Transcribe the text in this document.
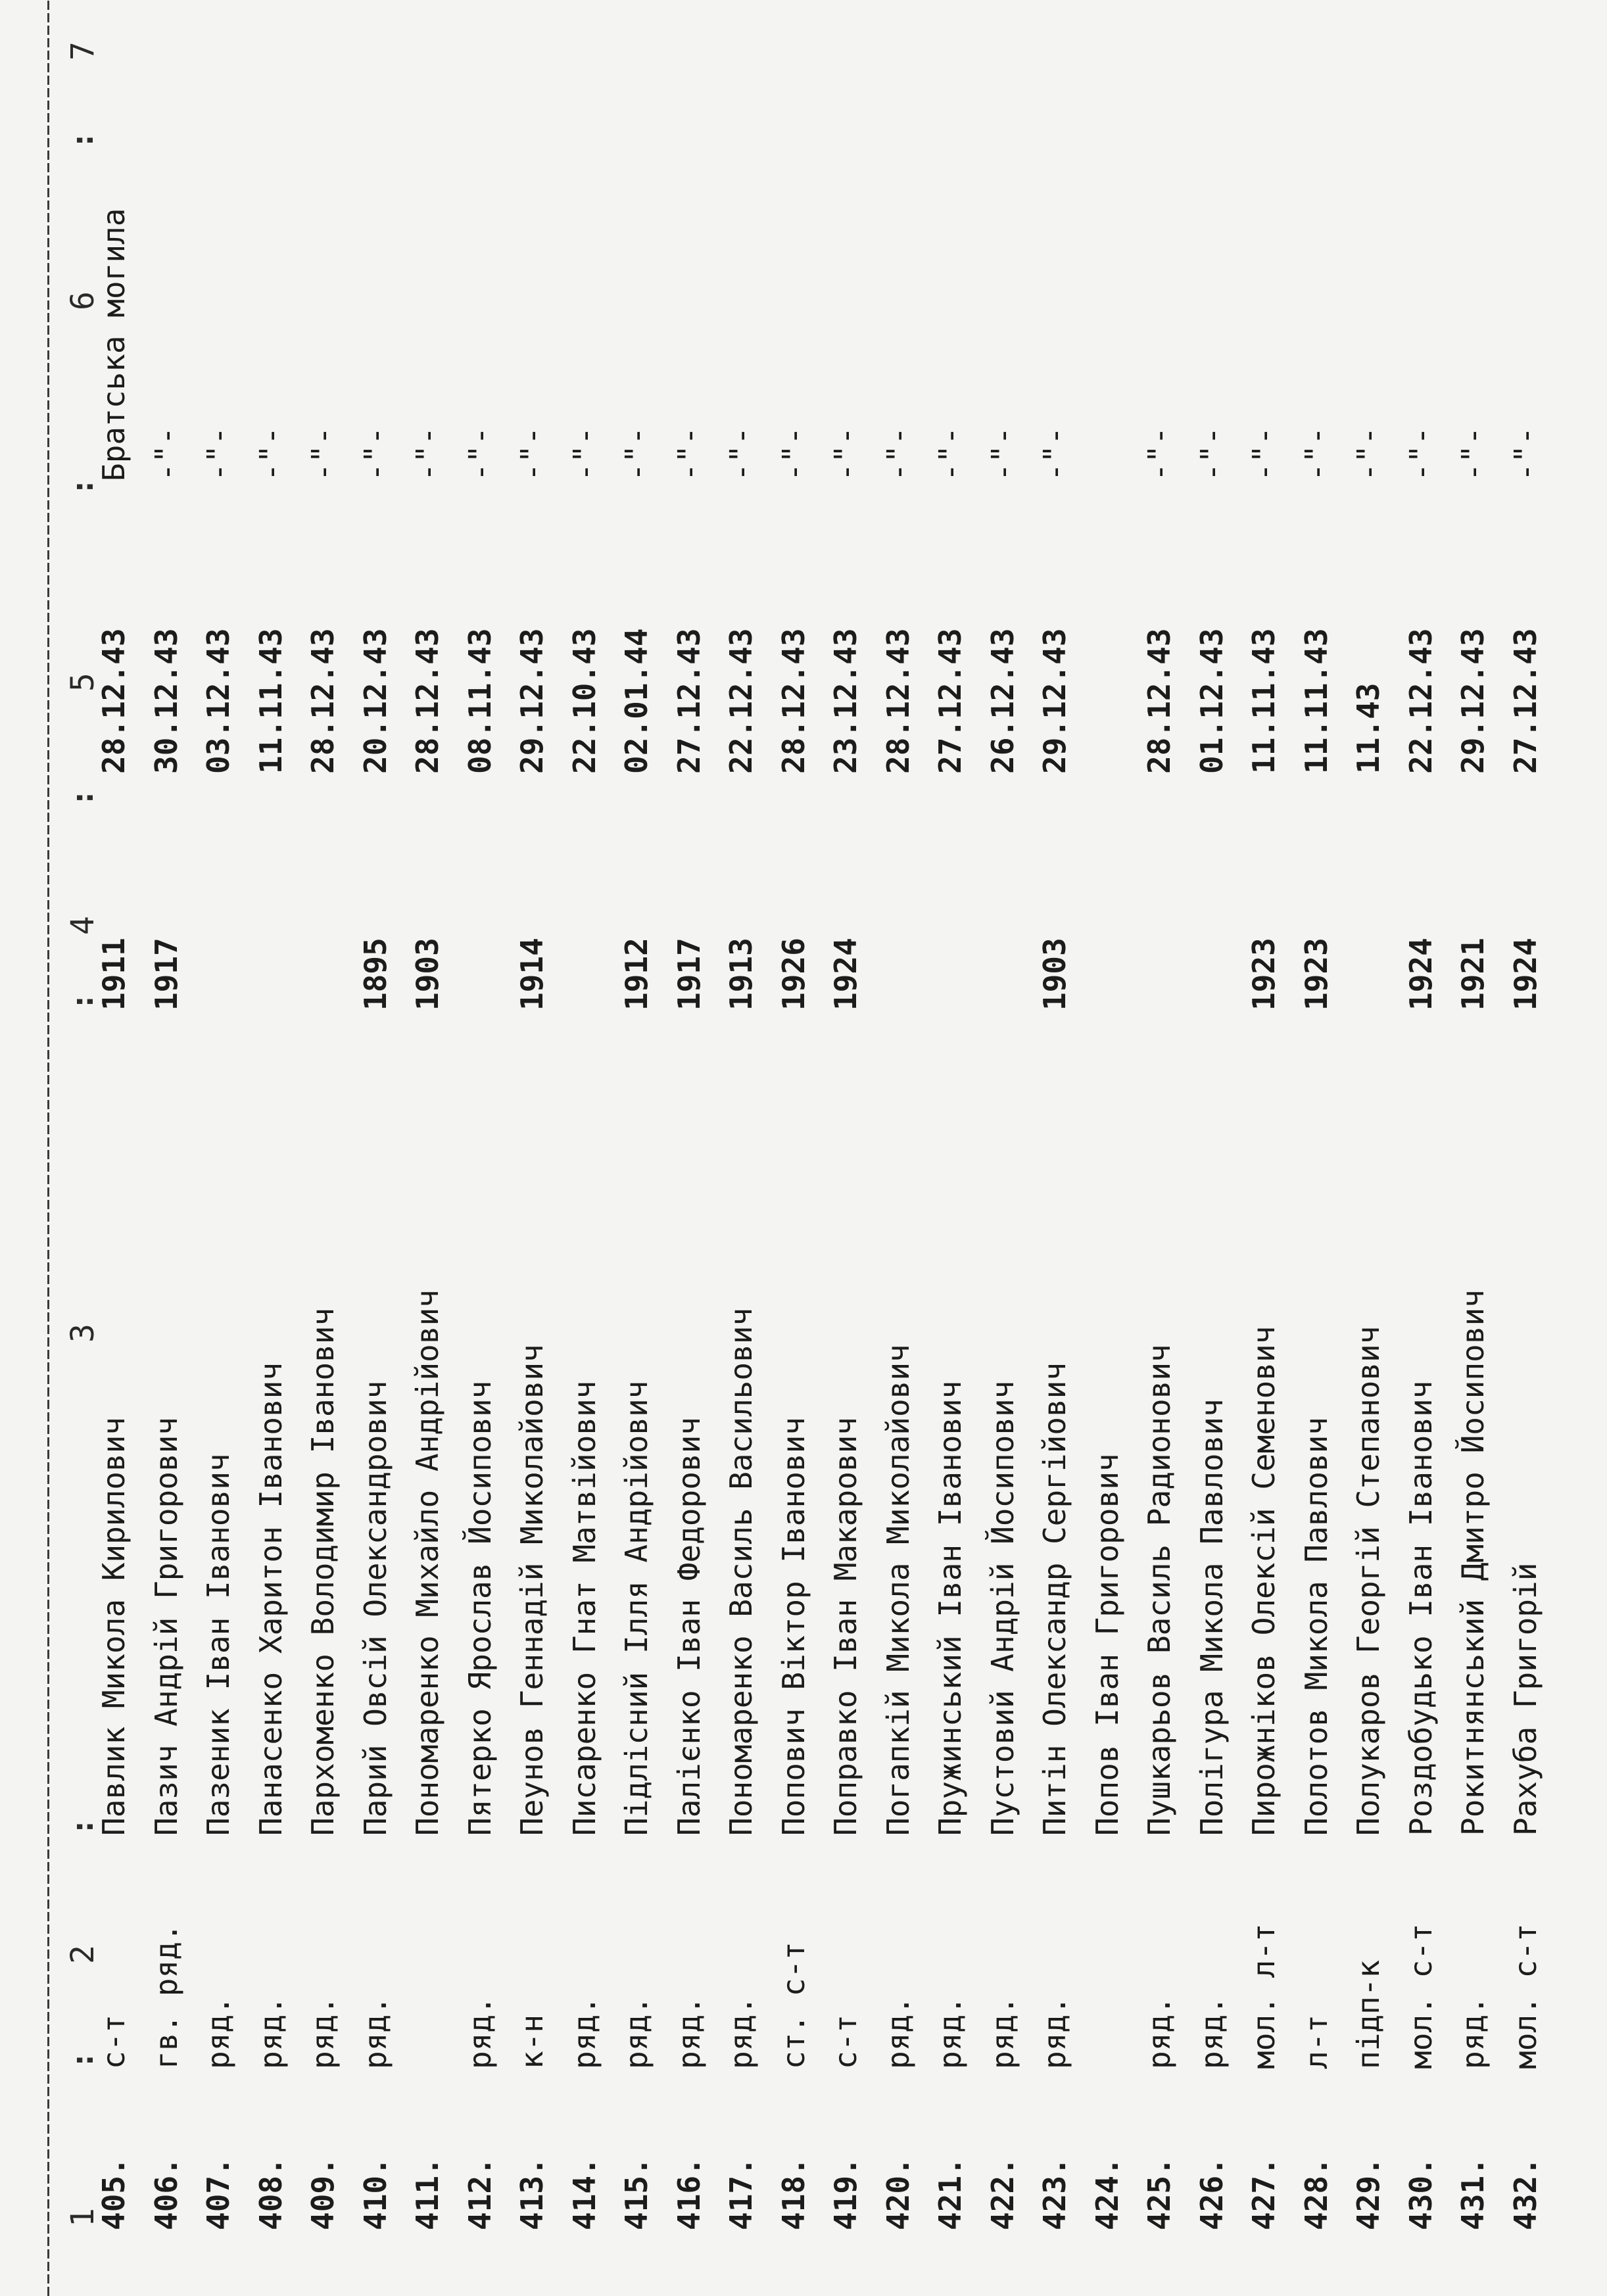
1
:
2
:
3
:
4
:
5
:
6
:
7
405.
с-т
Павлик Микола Кирилович
1911
28.12.43
Братська могила
406.
гв. ряд.
Пазич Андрій Григорович
1917
30.12.43
-"-
407.
ряд.
Пазеник Іван Іванович
03.12.43
-"-
408.
ряд.
Панасенко Харитон Іванович
11.11.43
-"-
409.
ряд.
Пархоменко Володимир Іванович
28.12.43
-"-
410.
ряд.
Парий Овсій Олександрович
1895
20.12.43
-"-
411.
Пономаренко Михайло Андрійович
1903
28.12.43
-"-
412.
ряд.
Пятерко Ярослав Йосипович
08.11.43
-"-
413.
к-н
Пеунов Геннадій Миколайович
1914
29.12.43
-"-
414.
ряд.
Писаренко Гнат Матвійович
22.10.43
-"-
415.
ряд.
Підлісний Ілля Андрійович
1912
02.01.44
-"-
416.
ряд.
Палієнко Іван Федорович
1917
27.12.43
-"-
417.
ряд.
Пономаренко Василь Васильович
1913
22.12.43
-"-
418.
ст. с-т
Попович Віктор Іванович
1926
28.12.43
-"-
419.
с-т
Поправко Іван Макарович
1924
23.12.43
-"-
420.
ряд.
Погапкій Микола Миколайович
28.12.43
-"-
421.
ряд.
Пружинський Іван Іванович
27.12.43
-"-
422.
ряд.
Пустовий Андрій Йосипович
26.12.43
-"-
423.
ряд.
Питін Олександр Сергійович
1903
29.12.43
-"-
424.
Попов Іван Григорович
425.
ряд.
Пушкарьов Василь Радионович
28.12.43
-"-
426.
ряд.
Полігура Микола Павлович
01.12.43
-"-
427.
мол. л-т
Пирожніков Олексій Семенович
1923
11.11.43
-"-
428.
л-т
Полотов Микола Павлович
1923
11.11.43
-"-
429.
підп-к
Полукаров Георгій Степанович
11.43
-"-
430.
мол. с-т
Роздобудько Іван Іванович
1924
22.12.43
-"-
431.
ряд.
Рокитнянський Дмитро Йосипович
1921
29.12.43
-"-
432.
мол. с-т
Рахуба Григорій
1924
27.12.43
-"-
